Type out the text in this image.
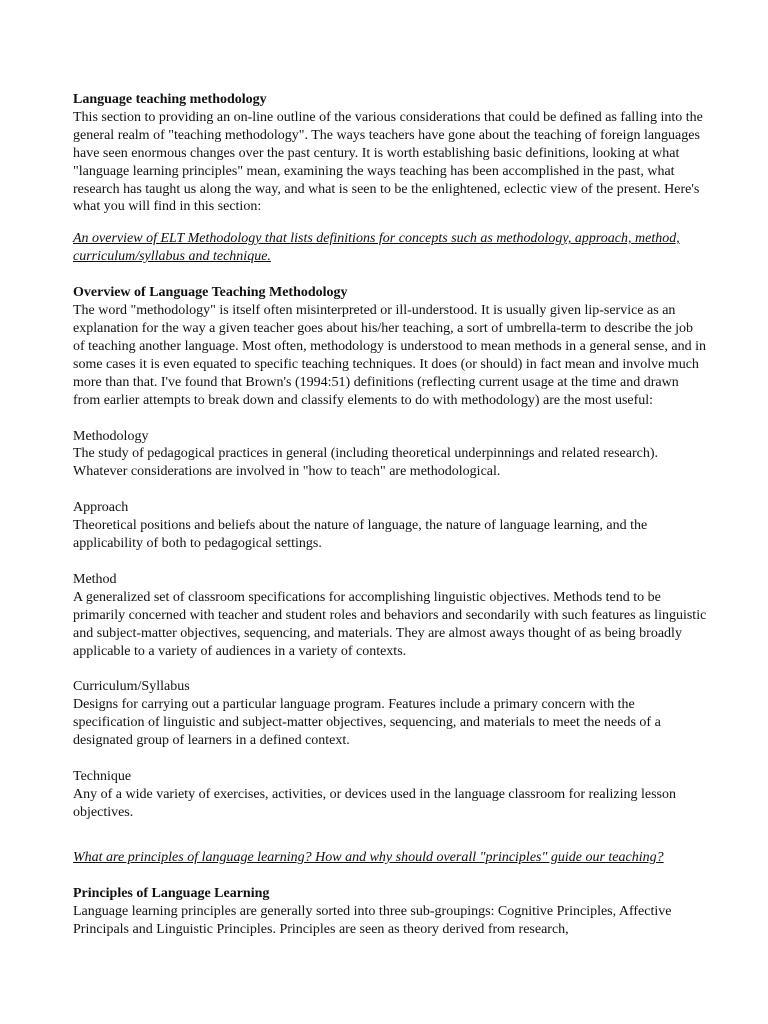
Language teaching methodology

This section to providing an on-line outline of the various considerations that could be defined as falling into the general realm of "teaching methodology". The ways teachers have gone about the teaching of foreign languages have seen enormous changes over the past century. It is worth establishing basic definitions, looking at what "language learning principles" mean, examining the ways teaching has been accomplished in the past, what research has taught us along the way, and what is seen to be the enlightened, eclectic view of the present. Here's what you will find in this section:

An overview of ELT Methodology that lists definitions for concepts such as methodology, approach, method, curriculum/syllabus and technique.

Overview of Language Teaching Methodology

The word "methodology" is itself often misinterpreted or ill-understood. It is usually given lip-service as an explanation for the way a given teacher goes about his/her teaching, a sort of umbrella-term to describe the job of teaching another language. Most often, methodology is understood to mean methods in a general sense, and in some cases it is even equated to specific teaching techniques. It does (or should) in fact mean and involve much more than that. I've found that Brown's (1994:51) definitions (reflecting current usage at the time and drawn from earlier attempts to break down and classify elements to do with methodology) are the most useful:

Methodology

The study of pedagogical practices in general (including theoretical underpinnings and related research). Whatever considerations are involved in "how to teach" are methodological.

Approach

Theoretical positions and beliefs about the nature of language, the nature of language learning, and the applicability of both to pedagogical settings.

Method

A generalized set of classroom specifications for accomplishing linguistic objectives. Methods tend to be primarily concerned with teacher and student roles and behaviors and secondarily with such features as linguistic and subject-matter objectives, sequencing, and materials. They are almost aways thought of as being broadly applicable to a variety of audiences in a variety of contexts.

Curriculum/Syllabus

Designs for carrying out a particular language program. Features include a primary concern with the specification of linguistic and subject-matter objectives, sequencing, and materials to meet the needs of a designated group of learners in a defined context.

Technique

Any of a wide variety of exercises, activities, or devices used in the language classroom for realizing lesson objectives.

What are principles of language learning? How and why should overall "principles" guide our teaching?

Principles of Language Learning

Language learning principles are generally sorted into three sub-groupings: Cognitive Principles, Affective Principals and Linguistic Principles. Principles are seen as theory derived from research,
